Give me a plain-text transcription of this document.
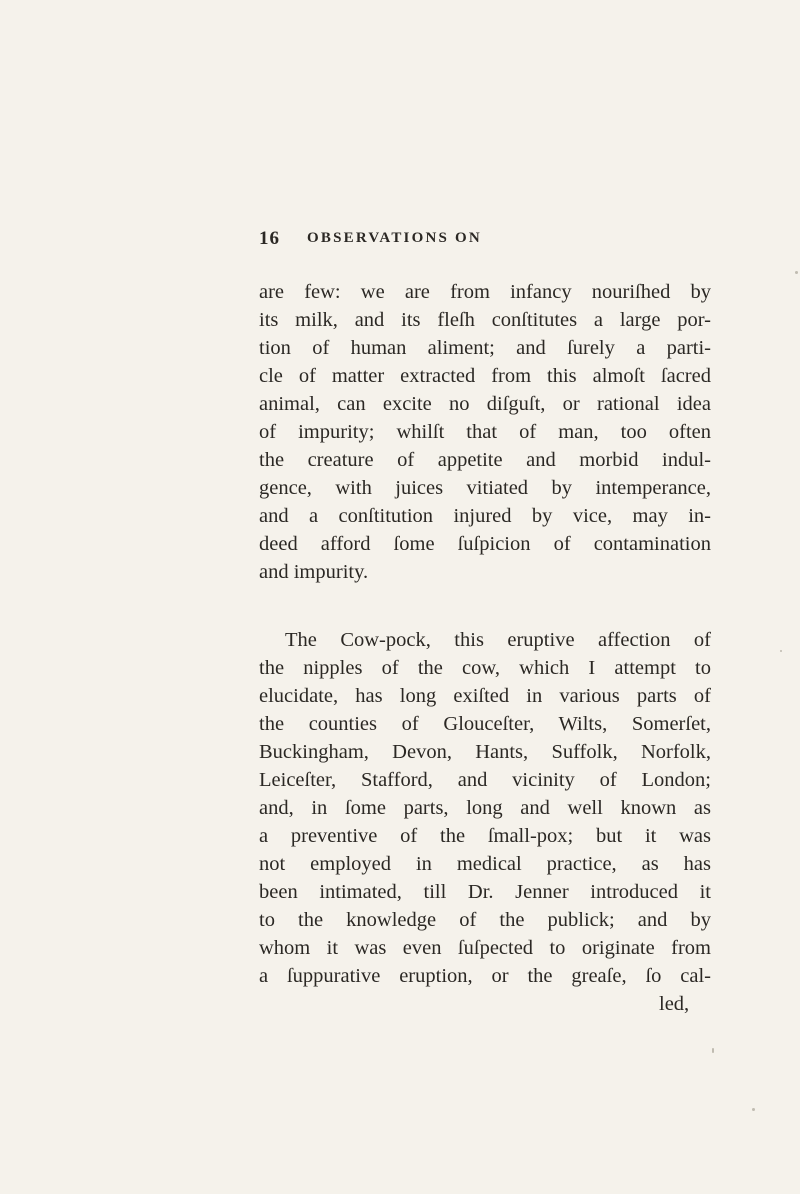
16 OBSERVATIONS ON
are few: we are from infancy nouriſhed by
its milk, and its fleſh conſtitutes a large por-
tion of human aliment; and ſurely a parti-
cle of matter extracted from this almoſt ſacred
animal, can excite no diſguſt, or rational idea
of impurity; whilſt that of man, too often
the creature of appetite and morbid indul-
gence, with juices vitiated by intemperance,
and a conſtitution injured by vice, may in-
deed afford ſome ſuſpicion of contamination
and impurity.
The Cow-pock, this eruptive affection of
the nipples of the cow, which I attempt to
elucidate, has long exiſted in various parts of
the counties of Glouceſter, Wilts, Somerſet,
Buckingham, Devon, Hants, Suffolk, Norfolk,
Leiceſter, Stafford, and vicinity of London;
and, in ſome parts, long and well known as
a preventive of the ſmall-pox; but it was
not employed in medical practice, as has
been intimated, till Dr. Jenner introduced it
to the knowledge of the publick; and by
whom it was even ſuſpected to originate from
a ſuppurative eruption, or the greaſe, ſo cal-
led,
